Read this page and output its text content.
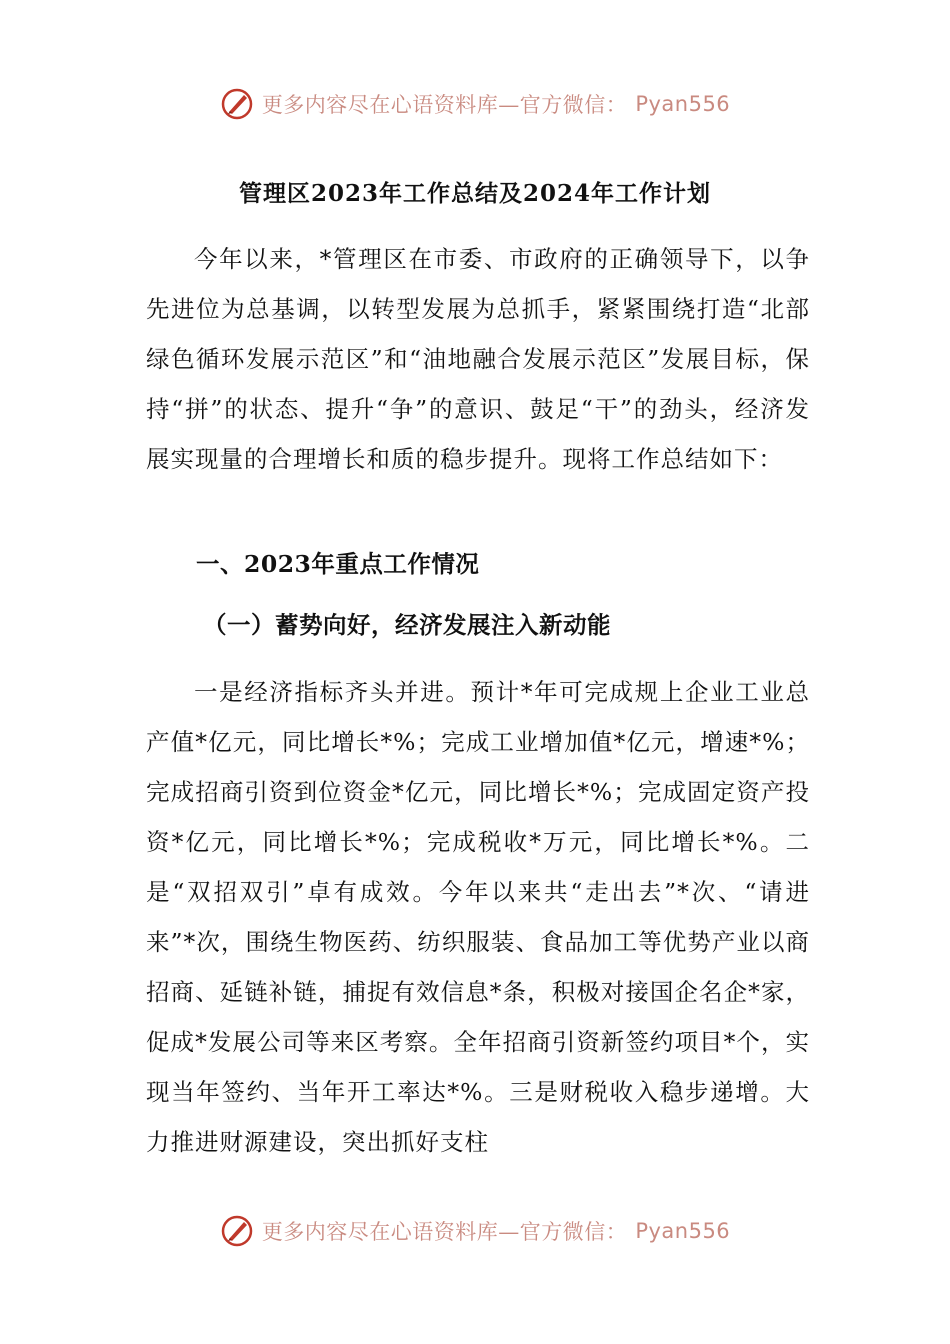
更多内容尽在心语资料库—官方微信： Pyan556
管理区2023年工作总结及2024年工作计划

今年以来，*管理区在市委、市政府的正确领导下，以争先进位为总基调，以转型发展为总抓手，紧紧围绕打造“北部绿色循环发展示范区”和“油地融合发展示范区”发展目标，保持“拼”的状态、提升“争”的意识、鼓足“干”的劲头，经济发展实现量的合理增长和质的稳步提升。现将工作总结如下：

一、2023年重点工作情况
（一）蓄势向好，经济发展注入新动能

一是经济指标齐头并进。预计*年可完成规上企业工业总产值*亿元，同比增长*%；完成工业增加值*亿元，增速*%；完成招商引资到位资金*亿元，同比增长*%；完成固定资产投资*亿元，同比增长*%；完成税收*万元，同比增长*%。二是“双招双引”卓有成效。今年以来共“走出去”*次、“请进来”*次，围绕生物医药、纺织服装、食品加工等优势产业以商招商、延链补链，捕捉有效信息*条，积极对接国企名企*家，促成*发展公司等来区考察。全年招商引资新签约项目*个，实现当年签约、当年开工率达*%。三是财税收入稳步递增。大力推进财源建设，突出抓好支柱

更多内容尽在心语资料库—官方微信： Pyan556
